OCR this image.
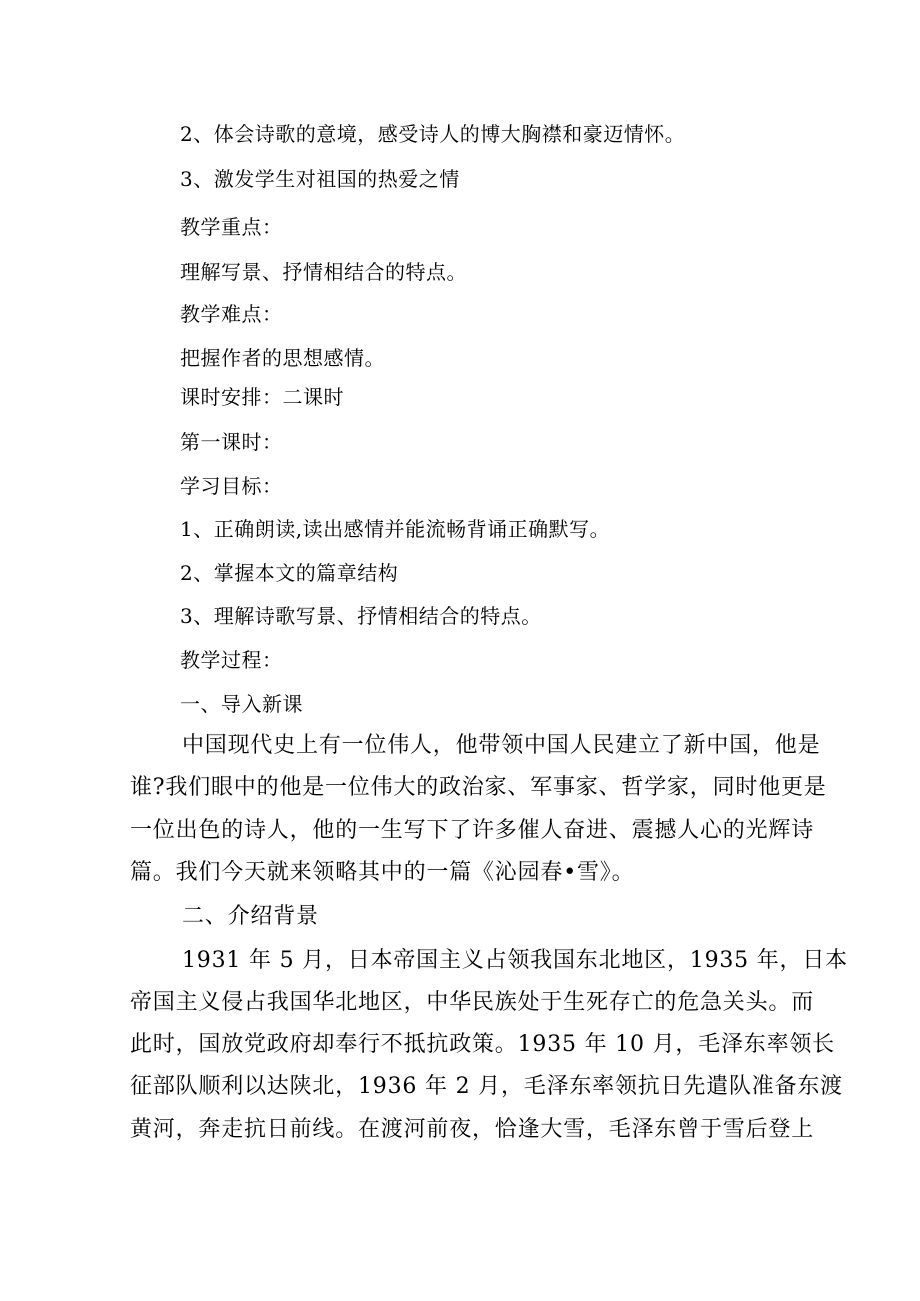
2、体会诗歌的意境，感受诗人的博大胸襟和豪迈情怀。
3、激发学生对祖国的热爱之情
教学重点：
理解写景、抒情相结合的特点。
教学难点：
把握作者的思想感情。
课时安排：二课时
第一课时：
学习目标：
1、正确朗读,读出感情并能流畅背诵正确默写。
2、掌握本文的篇章结构
3、理解诗歌写景、抒情相结合的特点。
教学过程：
一、导入新课
中国现代史上有一位伟人，他带领中国人民建立了新中国，他是
谁?我们眼中的他是一位伟大的政治家、军事家、哲学家，同时他更是
一位出色的诗人，他的一生写下了许多催人奋进、震撼人心的光辉诗
篇。我们今天就来领略其中的一篇《沁园春•雪》。
二、介绍背景
1931 年 5 月，日本帝国主义占领我国东北地区，1935 年，日本
帝国主义侵占我国华北地区，中华民族处于生死存亡的危急关头。而
此时，国放党政府却奉行不抵抗政策。1935 年 10 月，毛泽东率领长
征部队顺利以达陕北，1936 年 2 月，毛泽东率领抗日先遣队准备东渡
黄河，奔走抗日前线。在渡河前夜，恰逢大雪，毛泽东曾于雪后登上
